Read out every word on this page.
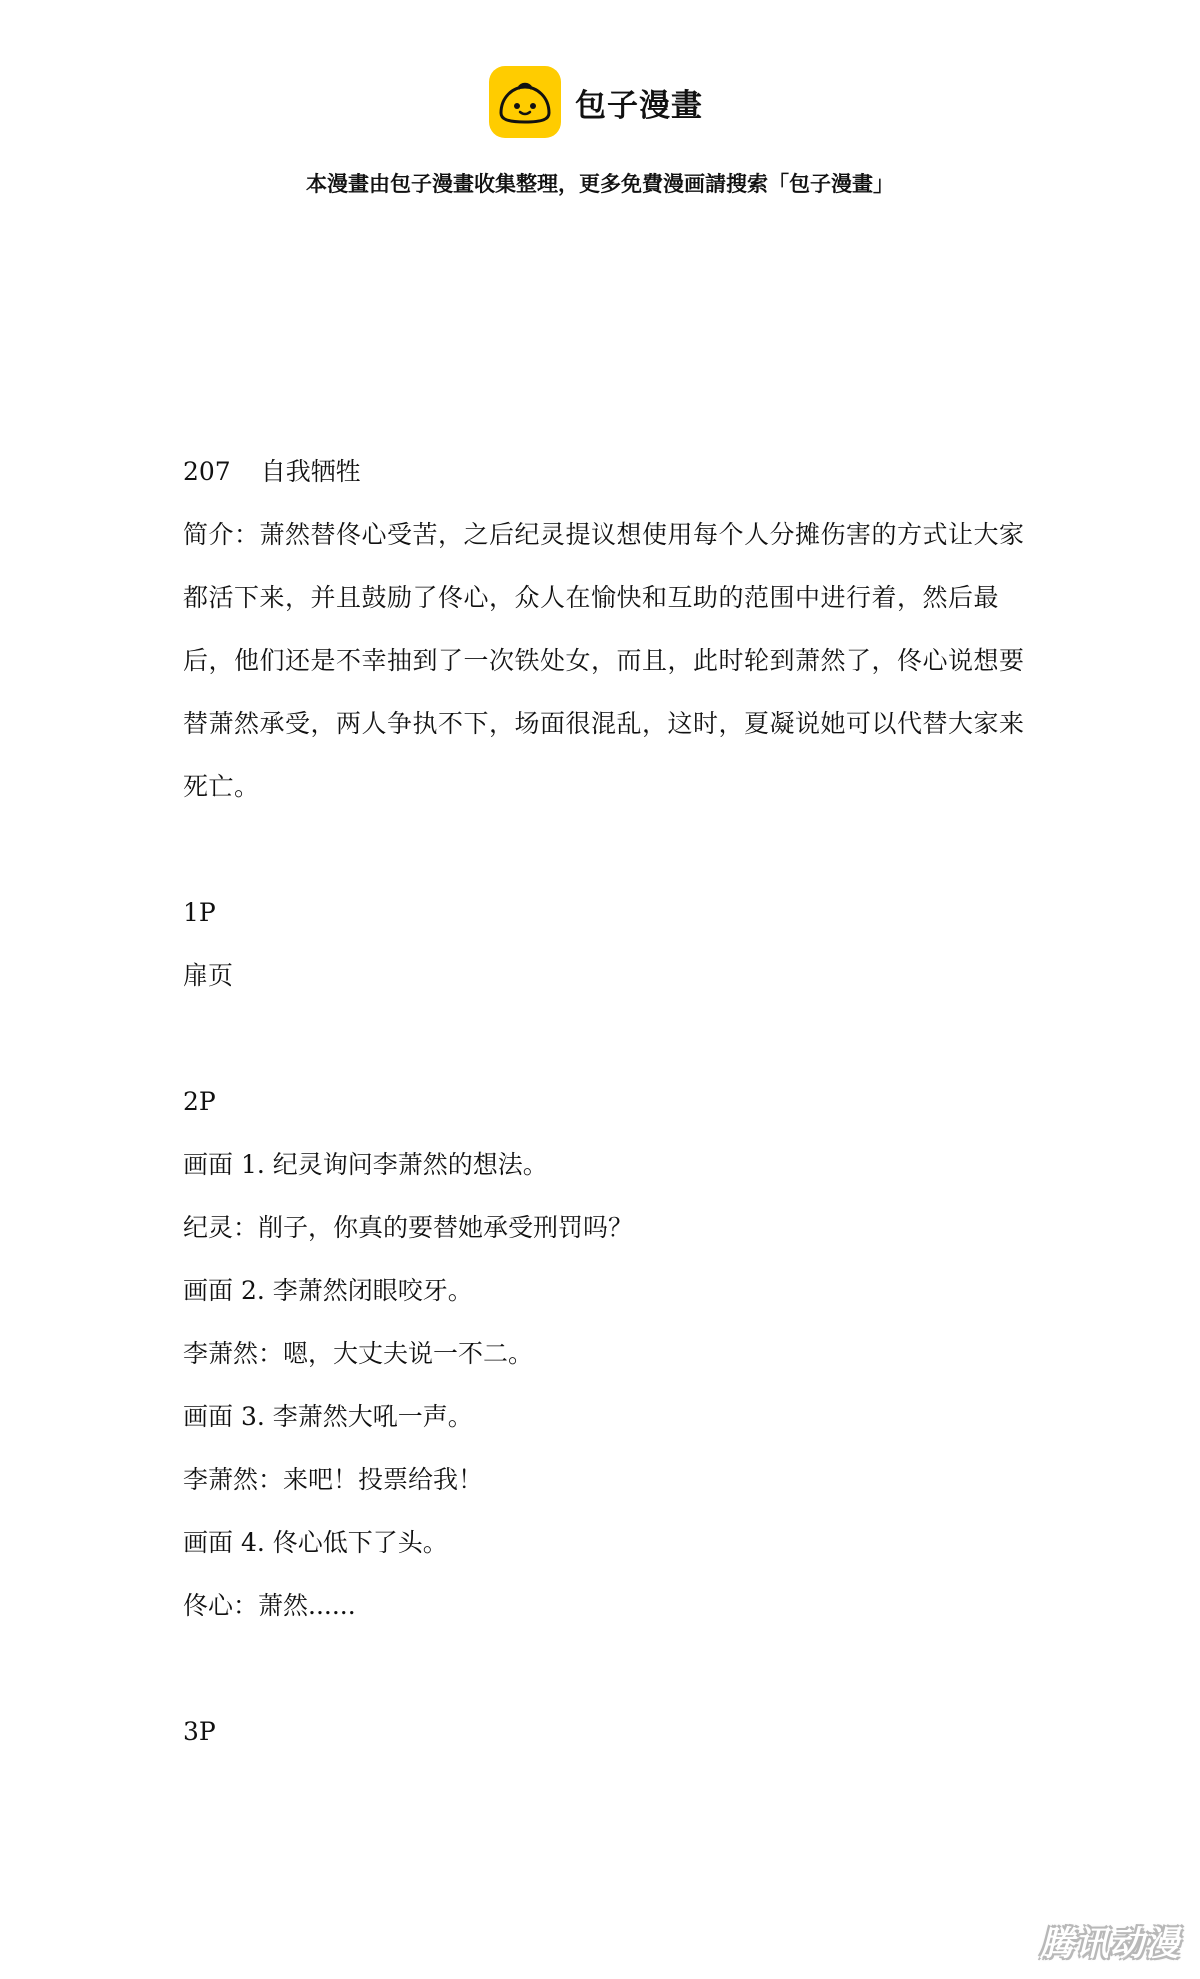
包子漫畫
本漫畫由包子漫畫收集整理，更多免費漫画請搜索「包子漫畫」

207 自我牺牲

简介：萧然替佟心受苦，之后纪灵提议想使用每个人分摊伤害的方式让大家都活下来，并且鼓励了佟心，众人在愉快和互助的范围中进行着，然后最后，他们还是不幸抽到了一次铁处女，而且，此时轮到萧然了，佟心说想要替萧然承受，两人争执不下，场面很混乱，这时，夏凝说她可以代替大家来死亡。

1P

扉页

2P

画面 1. 纪灵询问李萧然的想法。

纪灵：削子，你真的要替她承受刑罚吗？

画面 2. 李萧然闭眼咬牙。

李萧然：嗯，大丈夫说一不二。

画面 3. 李萧然大吼一声。

李萧然：来吧！投票给我！

画面 4. 佟心低下了头。

佟心：萧然......

3P

腾讯动漫
